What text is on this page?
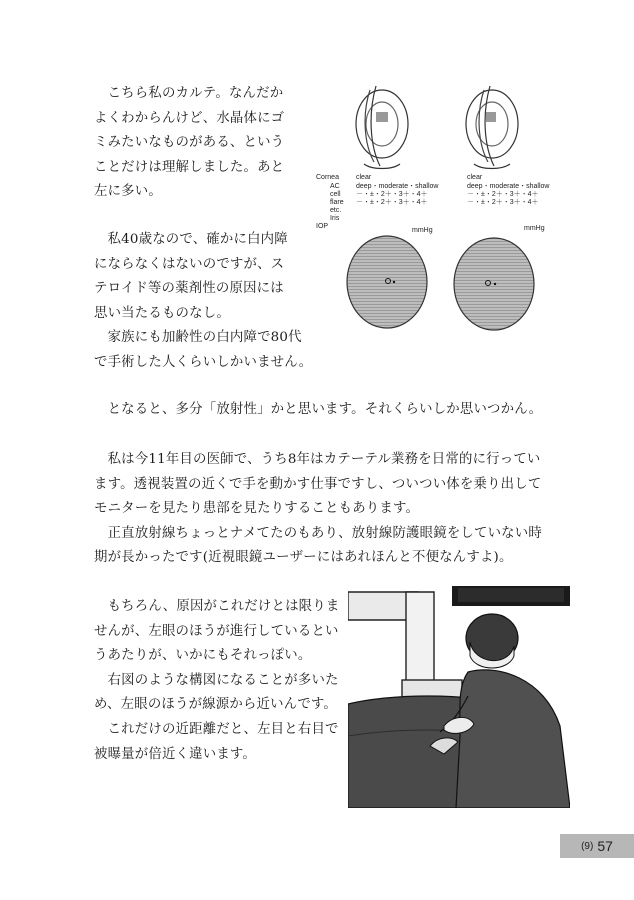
　こちら私のカルテ。なんだか
よくわからんけど、水晶体にゴ
ミみたいなものがある、という
ことだけは理解しました。あと
左に多い。
　私40歳なので、確かに白内障
にならなくはないのですが、ス
テロイド等の薬剤性の原因には
思い当たるものなし。
　家族にも加齢性の白内障で80代
で手術した人くらいしかいません。
Cornea
AC
cell
flare
etc.
Iris
IOP
clear
deep・moderate・shallow
－・±・2＋・3＋・4＋
－・±・2＋・3＋・4＋
mmHg
clear
deep・moderate・shallow
－・±・2＋・3＋・4＋
－・±・2＋・3＋・4＋
mmHg
　となると、多分「放射性」かと思います。それくらいしか思いつかん。
　私は今11年目の医師で、うち8年はカテーテル業務を日常的に行ってい
ます。透視装置の近くで手を動かす仕事ですし、ついつい体を乗り出して
モニターを見たり患部を見たりすることもあります。
　正直放射線ちょっとナメてたのもあり、放射線防護眼鏡をしていない時
期が長かったです(近視眼鏡ユーザーにはあれほんと不便なんすよ)。
　もちろん、原因がこれだけとは限りま
せんが、左眼のほうが進行しているとい
うあたりが、いかにもそれっぽい。
　右図のような構図になることが多いた
め、左眼のほうが線源から近いんです。
　これだけの近距離だと、左目と右目で
被曝量が倍近く違います。
(9) 57
